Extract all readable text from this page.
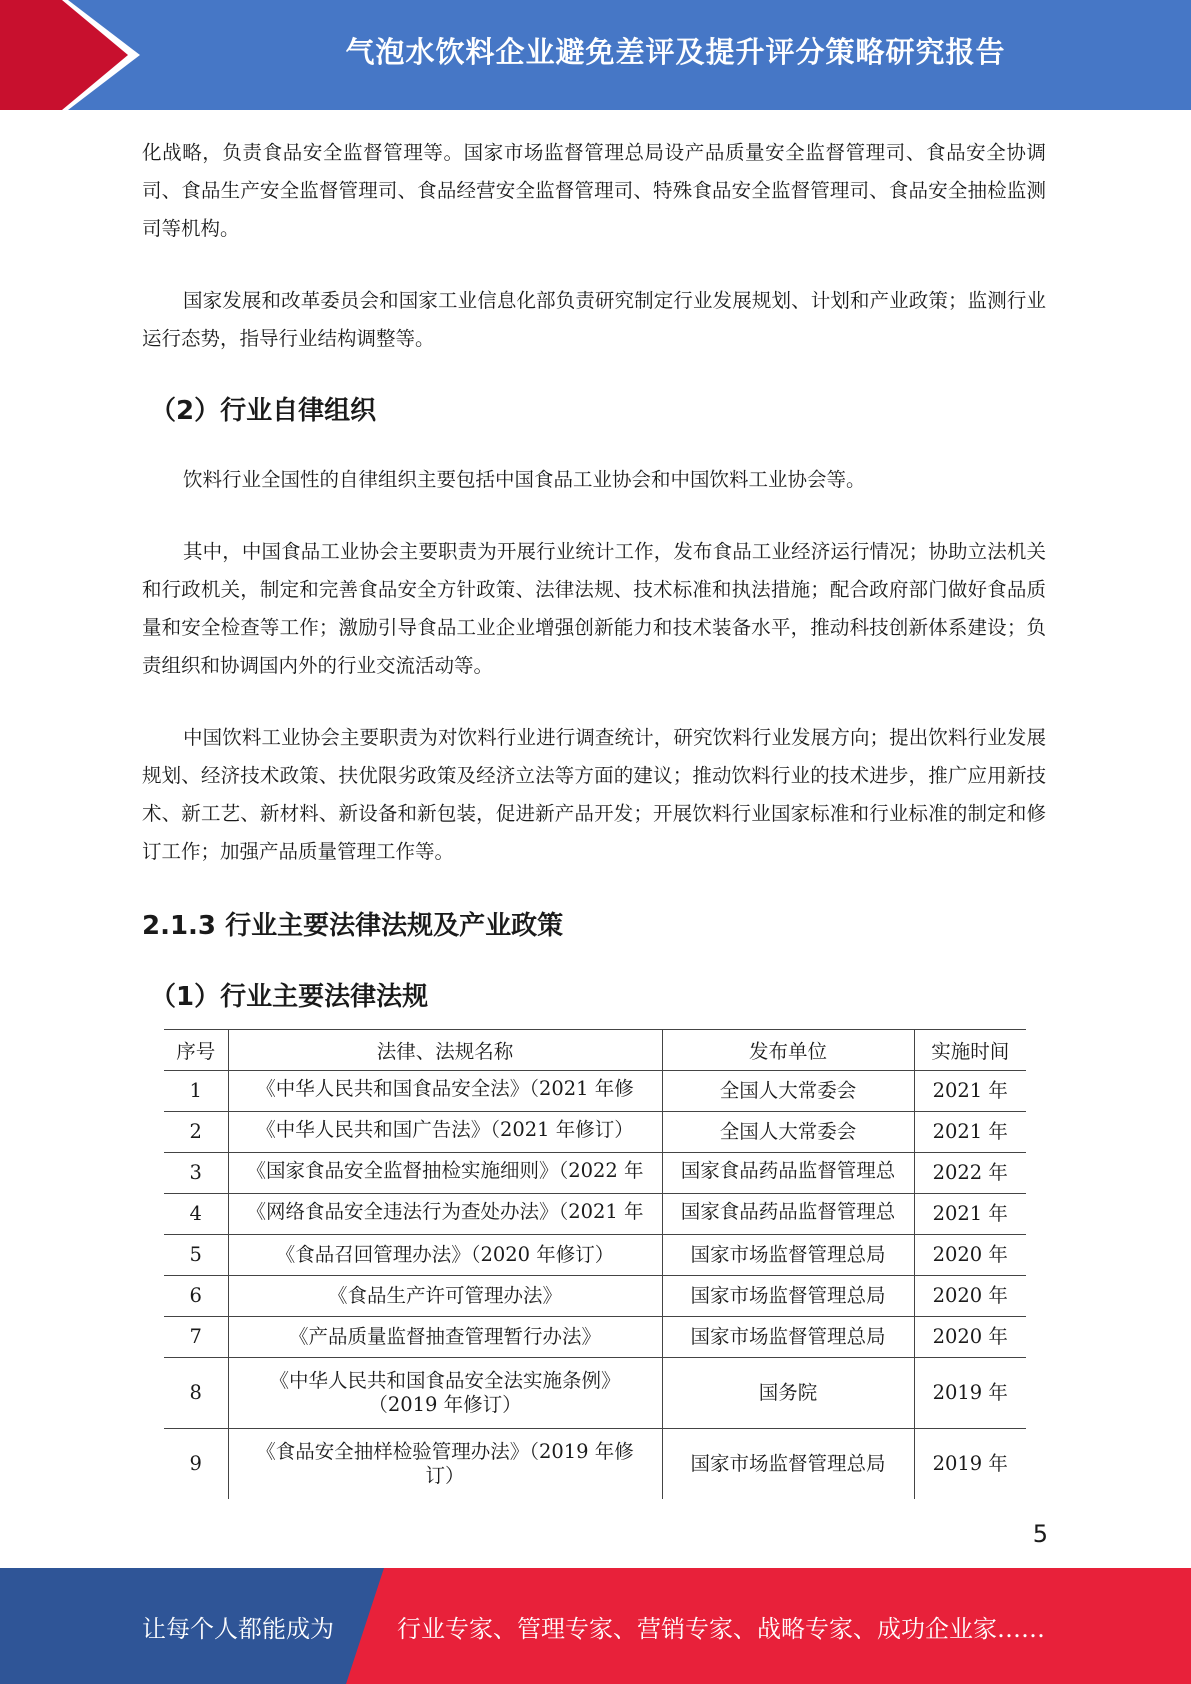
气泡水饮料企业避免差评及提升评分策略研究报告

化战略，负责食品安全监督管理等。国家市场监督管理总局设产品质量安全监督管理司、食品安全协调司、食品生产安全监督管理司、食品经营安全监督管理司、特殊食品安全监督管理司、食品安全抽检监测司等机构。

国家发展和改革委员会和国家工业信息化部负责研究制定行业发展规划、计划和产业政策；监测行业运行态势，指导行业结构调整等。

（2）行业自律组织

饮料行业全国性的自律组织主要包括中国食品工业协会和中国饮料工业协会等。

其中，中国食品工业协会主要职责为开展行业统计工作，发布食品工业经济运行情况；协助立法机关和行政机关，制定和完善食品安全方针政策、法律法规、技术标准和执法措施；配合政府部门做好食品质量和安全检查等工作；激励引导食品工业企业增强创新能力和技术装备水平，推动科技创新体系建设；负责组织和协调国内外的行业交流活动等。

中国饮料工业协会主要职责为对饮料行业进行调查统计，研究饮料行业发展方向；提出饮料行业发展规划、经济技术政策、扶优限劣政策及经济立法等方面的建议；推动饮料行业的技术进步，推广应用新技术、新工艺、新材料、新设备和新包装，促进新产品开发；开展饮料行业国家标准和行业标准的制定和修订工作；加强产品质量管理工作等。

2.1.3 行业主要法律法规及产业政策
（1）行业主要法律法规
序号	法律、法规名称	发布单位	实施时间
1	《中华人民共和国食品安全法》（2021 年修	全国人大常委会	2021 年
2	《中华人民共和国广告法》（2021 年修订）	全国人大常委会	2021 年
3	《国家食品安全监督抽检实施细则》（2022 年	国家食品药品监督管理总	2022 年
4	《网络食品安全违法行为查处办法》（2021 年	国家食品药品监督管理总	2021 年
5	《食品召回管理办法》（2020 年修订）	国家市场监督管理总局	2020 年
6	《食品生产许可管理办法》	国家市场监督管理总局	2020 年
7	《产品质量监督抽查管理暂行办法》	国家市场监督管理总局	2020 年
8	《中华人民共和国食品安全法实施条例》
（2019 年修订）	国务院	2019 年
9	《食品安全抽样检验管理办法》（2019 年修
订）	国家市场监督管理总局	2019 年
5
让每个人都能成为	行业专家、管理专家、营销专家、战略专家、成功企业家……
